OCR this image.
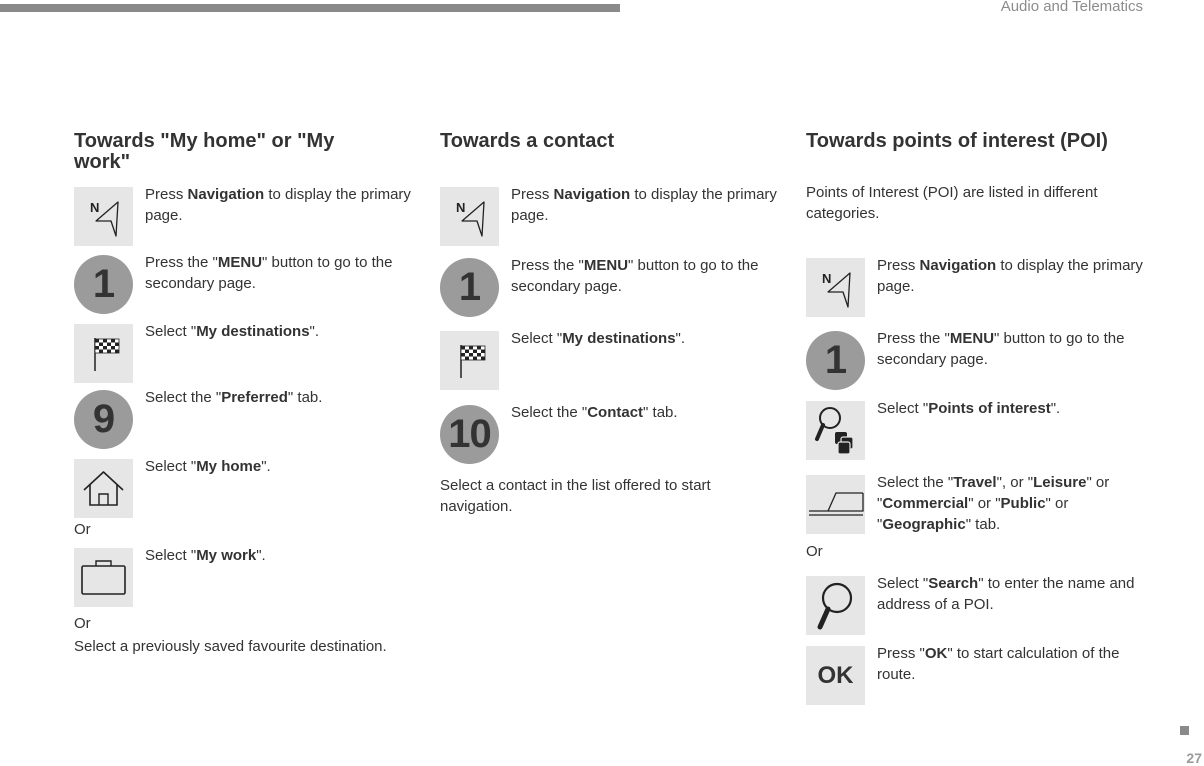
Audio and Telematics
Towards "My home" or "My work"
N
Press Navigation to display the primary page.
1	Press the "MENU" button to go to the secondary page.
Select "My destinations".
9	Select the "Preferred" tab.
Select "My home".
Or
Select "My work".
Or
Select a previously saved favourite destination.
Towards a contact
N
Press Navigation to display the primary page.
1	Press the "MENU" button to go to the secondary page.
Select "My destinations".
10	Select the "Contact" tab.
Select a contact in the list offered to start navigation.
Towards points of interest (POI)
Points of Interest (POI) are listed in different categories.
N
Press Navigation to display the primary page.
1	Press the "MENU" button to go to the secondary page.
Select "Points of interest".
Select the "Travel", or "Leisure" or "Commercial" or "Public" or "Geographic" tab.
Or
Select "Search" to enter the name and address of a POI.
OK
Press "OK" to start calculation of the route.
27
